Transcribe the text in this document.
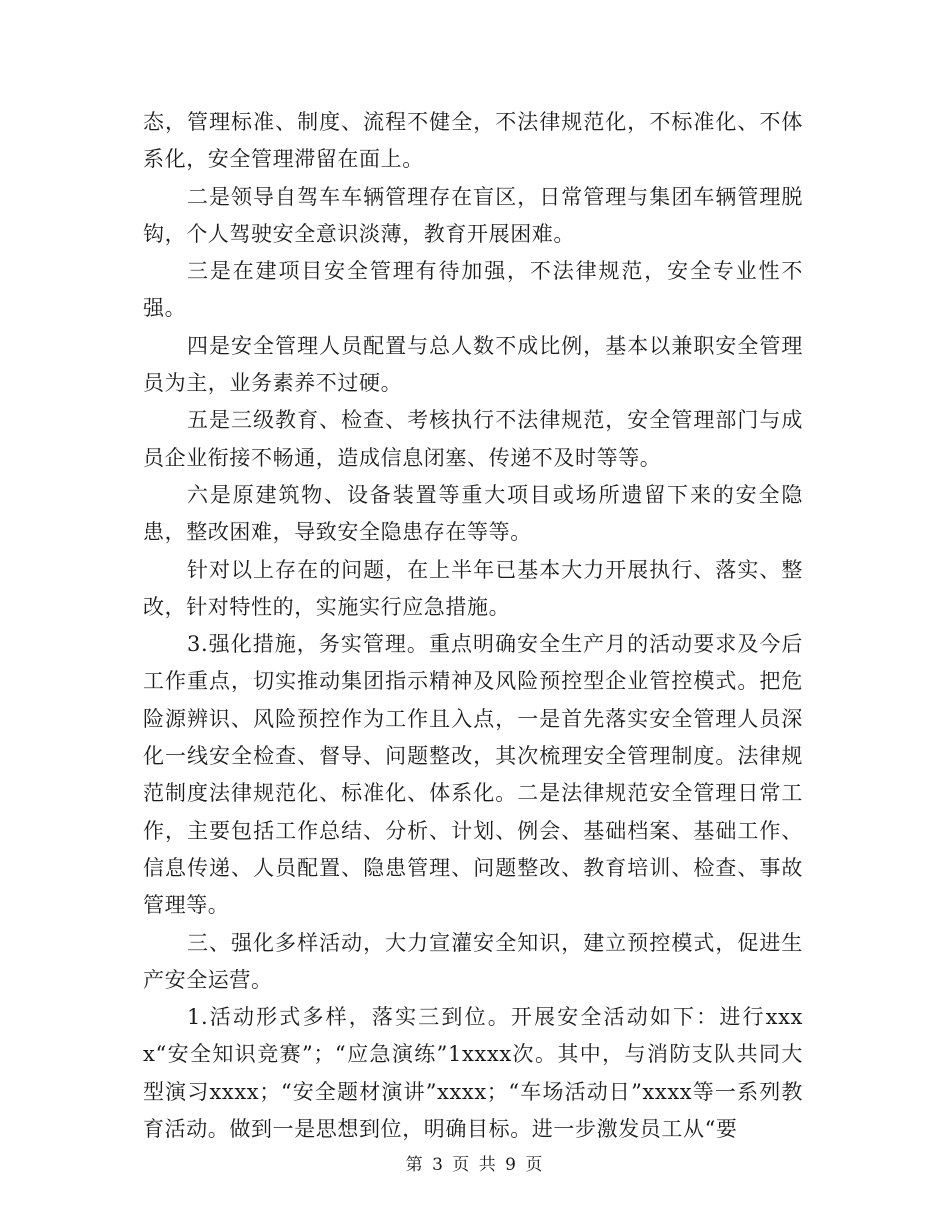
态，管理标准、制度、流程不健全，不法律规范化，不标准化、不体系化，安全管理滞留在面上。

二是领导自驾车车辆管理存在盲区，日常管理与集团车辆管理脱钩，个人驾驶安全意识淡薄，教育开展困难。

三是在建项目安全管理有待加强，不法律规范，安全专业性不强。

四是安全管理人员配置与总人数不成比例，基本以兼职安全管理员为主，业务素养不过硬。

五是三级教育、检查、考核执行不法律规范，安全管理部门与成员企业衔接不畅通，造成信息闭塞、传递不及时等等。

六是原建筑物、设备装置等重大项目或场所遗留下来的安全隐患，整改困难，导致安全隐患存在等等。

针对以上存在的问题，在上半年已基本大力开展执行、落实、整改，针对特性的，实施实行应急措施。

3.强化措施，务实管理。重点明确安全生产月的活动要求及今后工作重点，切实推动集团指示精神及风险预控型企业管控模式。把危险源辨识、风险预控作为工作且入点，一是首先落实安全管理人员深化一线安全检查、督导、问题整改，其次梳理安全管理制度。法律规范制度法律规范化、标准化、体系化。二是法律规范安全管理日常工作，主要包括工作总结、分析、计划、例会、基础档案、基础工作、信息传递、人员配置、隐患管理、问题整改、教育培训、检查、事故管理等。

三、强化多样活动，大力宣灌安全知识，建立预控模式，促进生产安全运营。

1.活动形式多样，落实三到位。开展安全活动如下：进行xxxx“安全知识竞赛”；“应急演练”1xxxx次。其中，与消防支队共同大型演习xxxx；“安全题材演讲”xxxx；“车场活动日”xxxx等一系列教育活动。做到一是思想到位，明确目标。进一步激发员工从“要

第 3 页 共 9 页
